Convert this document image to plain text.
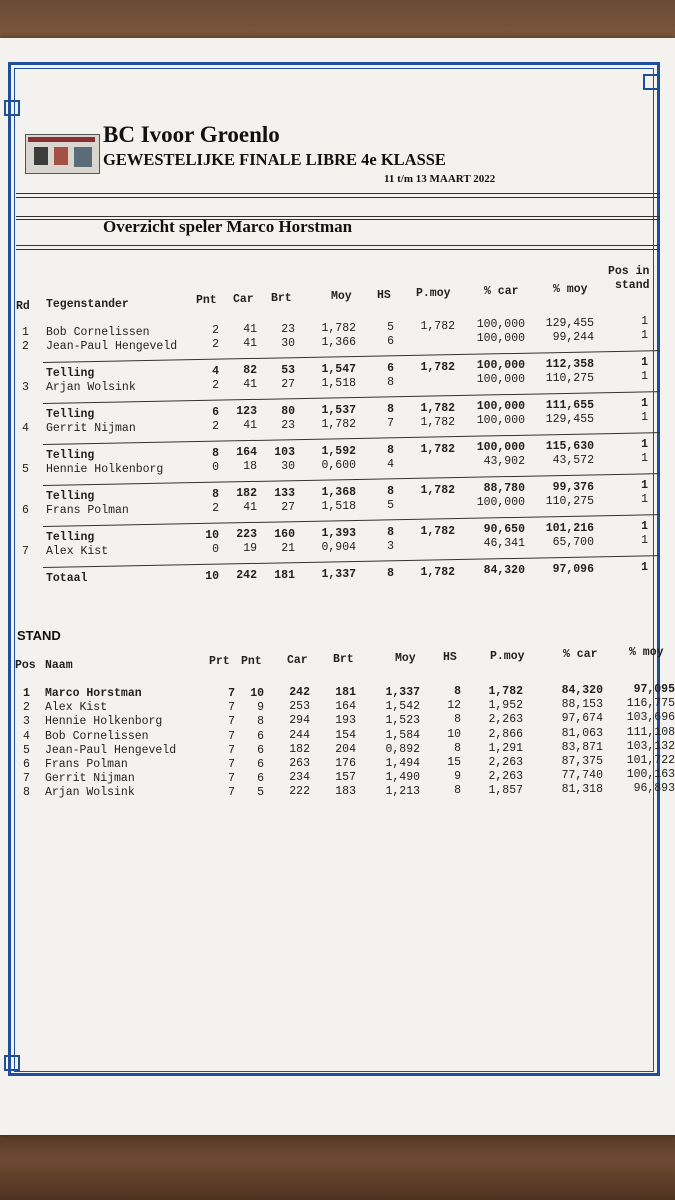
BC Ivoor Groenlo
GEWESTELIJKE FINALE LIBRE 4e KLASSE
11 t/m 13 MAART 2022
Overzicht speler Marco Horstman
Rd Tegenstander	Pnt Car Brt	Moy HS P.moy	% car	% moy
Pos in
stand
1 Bob Cornelissen	2 41 23 1,782	5 1,782 100,000 129,455	1
2 Jean-Paul Hengeveld	2 41 30 1,366	6	100,000 99,244	1
Telling	4 82 53 1,547	6 1,782 100,000 112,358	1
3 Arjan Wolsink	2 41 27 1,518	8	100,000 110,275	1
Telling	6 123 80 1,537	8 1,782 100,000 111,655	1
4 Gerrit Nijman	2 41 23 1,782	7 1,782 100,000 129,455	1
Telling	8 164 103 1,592	8 1,782 100,000 115,630	1
5 Hennie Holkenborg	0 18 30 0,600	4	43,902 43,572	1
Telling	8 182 133 1,368	8 1,782 88,780 99,376	1
6 Frans Polman	2 41 27 1,518	5	100,000 110,275	1
Telling	10 223 160 1,393	8 1,782 90,650 101,216	1
7 Alex Kist	0 19 21 0,904	3	46,341 65,700	1
Totaal	10 242 181 1,337	8 1,782 84,320 97,096	1
STAND
Pos Naam	Prt Pnt Car Brt	Moy HS	P.moy	% car	% moy
1 Marco Horstman	7 10 242 181	1,337	8 1,782	84,320	97,095
2 Alex Kist	7 9 253 164	1,542 12 1,952	88,153 116,775
3 Hennie Holkenborg	7 8 294 193	1,523	8 2,263	97,674 103,696
4 Bob Cornelissen	7 6 244 154	1,584 10 2,866	81,063 111,108
5 Jean-Paul Hengeveld	7 6 182 204	0,892	8 1,291	83,871 103,132
6 Frans Polman	7 6 263 176	1,494 15 2,263	87,375 101,722
7 Gerrit Nijman	7 6 234 157	1,490	9 2,263	77,740 100,163
8 Arjan Wolsink	7 5 222 183	1,213	8 1,857	81,318	96,893
